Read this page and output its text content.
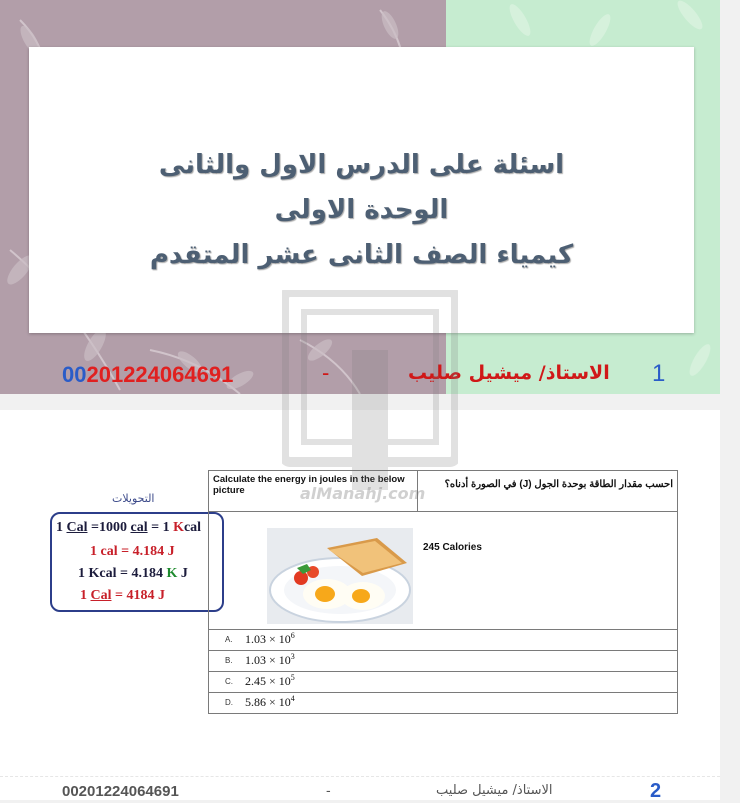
اسئلة على الدرس الاول والثانى
الوحدة الاولى
كيمياء الصف الثانى عشر المتقدم
00201224064691	-	الاستاذ/ ميشيل صليب 1
التحويلات
1 Cal =1000 cal = 1 Kcal
1 cal = 4.184 J
1 Kcal = 4.184 K J
1 Cal = 4184 J
Calculate the energy in joules in the below picture	احسب مقدار الطاقة بوحدة الجول (J) في الصورة أدناه؟

245 Calories

A. $1.03 \times 10^6$

B. $1.03 \times 10^3$

C. $2.45 \times 10^5$

D. $5.86 \times 10^4$
alManahj.com
00201224064691	-	الاستاذ/ ميشيل صليب	2
